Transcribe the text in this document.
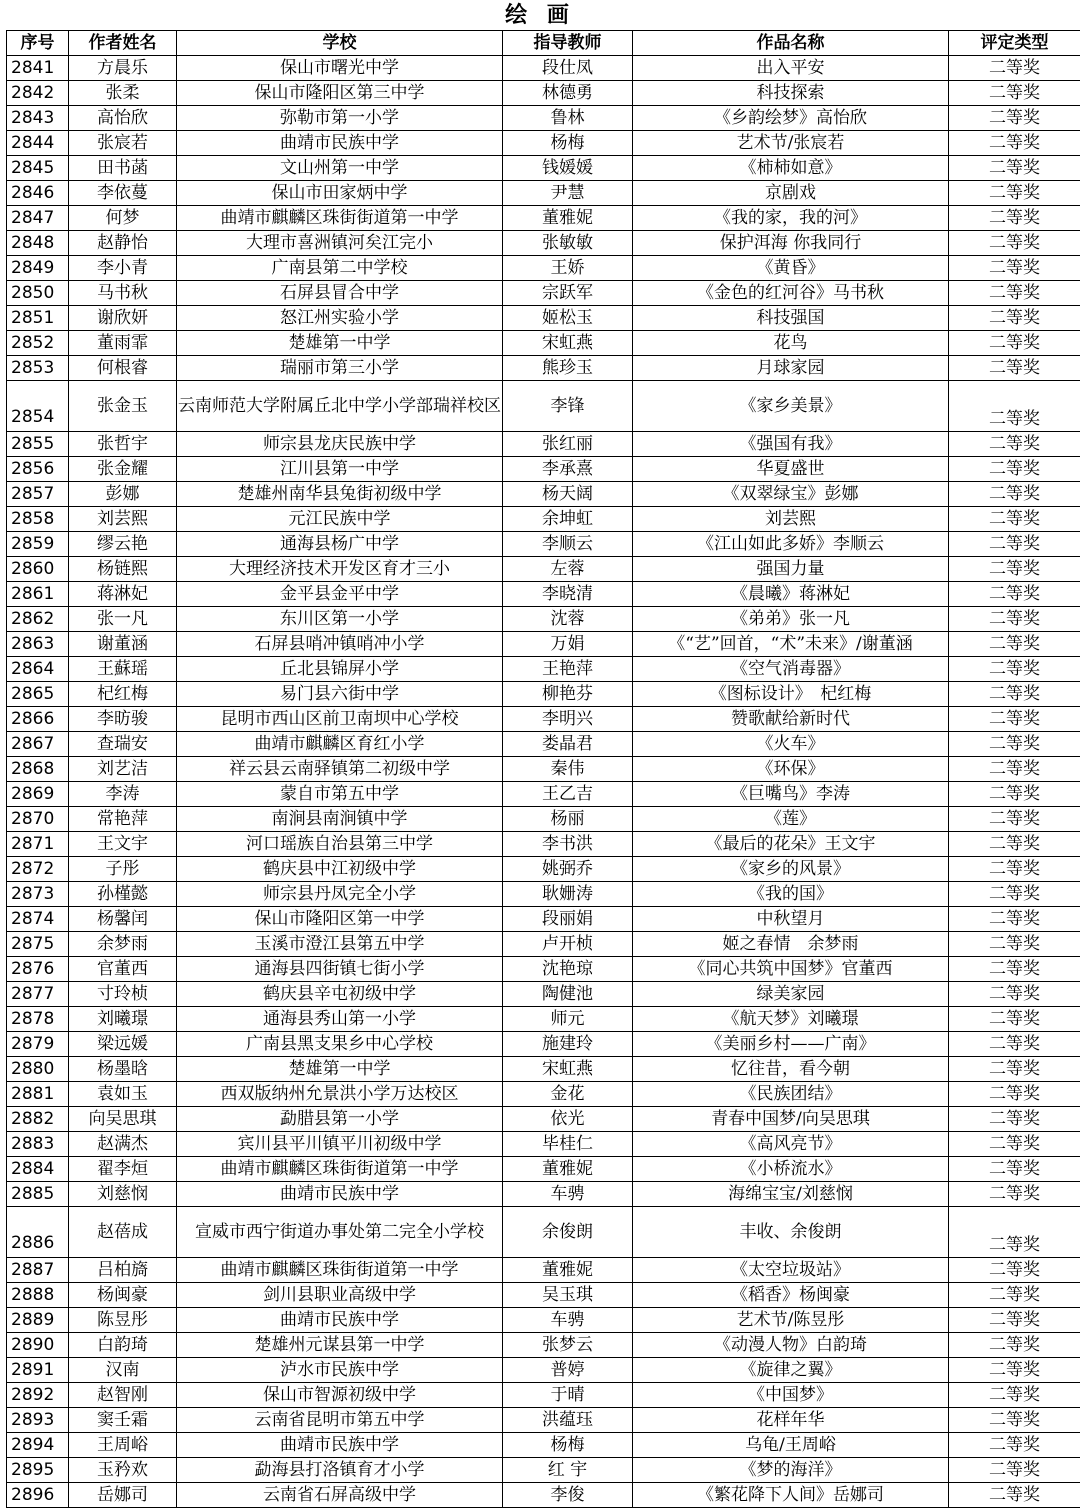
绘 画
序号	作者姓名	学校	指导教师	作品名称	评定类型
2841	方晨乐	保山市曙光中学	段仕凤	出入平安	二等奖
2842	张柔	保山市隆阳区第三中学	林德勇	科技探索	二等奖
2843	高怡欣	弥勒市第一小学	鲁林	《乡韵绘梦》高怡欣	二等奖
2844	张宸若	曲靖市民族中学	杨梅	艺术节/张宸若	二等奖
2845	田书菡	文山州第一中学	钱媛媛	《柿柿如意》	二等奖
2846	李依蔓	保山市田家炳中学	尹慧	京剧戏	二等奖
2847	何梦	曲靖市麒麟区珠街街道第一中学	董雅妮	《我的家，我的河》	二等奖
2848	赵静怡	大理市喜洲镇河矣江完小	张敏敏	保护洱海 你我同行	二等奖
2849	李小青	广南县第二中学校	王娇	《黄昏》	二等奖
2850	马书秋	石屏县冒合中学	宗跃军	《金色的红河谷》马书秋	二等奖
2851	谢欣妍	怒江州实验小学	姬松玉	科技强国	二等奖
2852	董雨霏	楚雄第一中学	宋虹燕	花鸟	二等奖
2853	何根睿	瑞丽市第三小学	熊珍玉	月球家园	二等奖
2854	张金玉	云南师范大学附属丘北中学小学部瑞祥校区	李锋	《家乡美景》	二等奖
2855	张哲宇	师宗县龙庆民族中学	张红丽	《强国有我》	二等奖
2856	张金耀	江川县第一中学	李承熹	华夏盛世	二等奖
2857	彭娜	楚雄州南华县兔街初级中学	杨天阔	《双翠绿宝》彭娜	二等奖
2858	刘芸熙	元江民族中学	余坤虹	刘芸熙	二等奖
2859	缪云艳	通海县杨广中学	李顺云	《江山如此多娇》李顺云	二等奖
2860	杨链熙	大理经济技术开发区育才三小	左蓉	强国力量	二等奖
2861	蒋淋妃	金平县金平中学	李晓清	《晨曦》蒋淋妃	二等奖
2862	张一凡	东川区第一小学	沈蓉	《弟弟》张一凡	二等奖
2863	谢董涵	石屏县哨冲镇哨冲小学	万娟	《“艺”回首，“术”未来》/谢董涵	二等奖
2864	王蘇瑶	丘北县锦屏小学	王艳萍	《空气消毒器》	二等奖
2865	杞红梅	易门县六街中学	柳艳芬	《图标设计》　杞红梅	二等奖
2866	李昉骏	昆明市西山区前卫南坝中心学校	李明兴	赞歌献给新时代	二等奖
2867	查瑞安	曲靖市麒麟区育红小学	娄晶君	《火车》	二等奖
2868	刘艺洁	祥云县云南驿镇第二初级中学	秦伟	《环保》	二等奖
2869	李涛	蒙自市第五中学	王乙吉	《巨嘴鸟》李涛	二等奖
2870	常艳萍	南涧县南涧镇中学	杨丽	《莲》	二等奖
2871	王文宇	河口瑶族自治县第三中学	李书洪	《最后的花朵》王文宇	二等奖
2872	子彤	鹤庆县中江初级中学	姚弼乔	《家乡的风景》	二等奖
2873	孙槿懿	师宗县丹凤完全小学	耿姗涛	《我的国》	二等奖
2874	杨馨闰	保山市隆阳区第一中学	段丽娟	中秋望月	二等奖
2875	余梦雨	玉溪市澄江县第五中学	卢开桢	姬之春情　余梦雨	二等奖
2876	官董西	通海县四街镇七街小学	沈艳琼	《同心共筑中国梦》官董西	二等奖
2877	寸玲桢	鹤庆县辛屯初级中学	陶健池	绿美家园	二等奖
2878	刘曦璟	通海县秀山第一小学	师元	《航天梦》刘曦璟	二等奖
2879	梁远媛	广南县黑支果乡中心学校	施建玲	《美丽乡村——广南》	二等奖
2880	杨墨晗	楚雄第一中学	宋虹燕	忆往昔，看今朝	二等奖
2881	袁如玉	西双版纳州允景洪小学万达校区	金花	《民族团结》	二等奖
2882	向吴思琪	勐腊县第一小学	依光	青春中国梦/向吴思琪	二等奖
2883	赵满杰	宾川县平川镇平川初级中学	毕桂仁	《高风亮节》	二等奖
2884	翟李烜	曲靖市麒麟区珠街街道第一中学	董雅妮	《小桥流水》	二等奖
2885	刘慈悯	曲靖市民族中学	车骋	海绵宝宝/刘慈悯	二等奖
2886	赵蓓成	宣威市西宁街道办事处第二完全小学校	余俊朗	丰收、余俊朗	二等奖
2887	吕柏旖	曲靖市麒麟区珠街街道第一中学	董雅妮	《太空垃圾站》	二等奖
2888	杨闽豪	剑川县职业高级中学	吴玉琪	《稻香》杨闽豪	二等奖
2889	陈昱彤	曲靖市民族中学	车骋	艺术节/陈昱彤	二等奖
2890	白韵琦	楚雄州元谋县第一中学	张梦云	《动漫人物》白韵琦	二等奖
2891	汉南	泸水市民族中学	普婷	《旋律之翼》	二等奖
2892	赵智刚	保山市智源初级中学	于晴	《中国梦》	二等奖
2893	窦壬霜	云南省昆明市第五中学	洪蕴珏	花样年华	二等奖
2894	王周峪	曲靖市民族中学	杨梅	乌龟/王周峪	二等奖
2895	玉矜欢	勐海县打洛镇育才小学	红 宇	《梦的海洋》	二等奖
2896	岳娜司	云南省石屏高级中学	李俊	《繁花降下人间》岳娜司	二等奖
